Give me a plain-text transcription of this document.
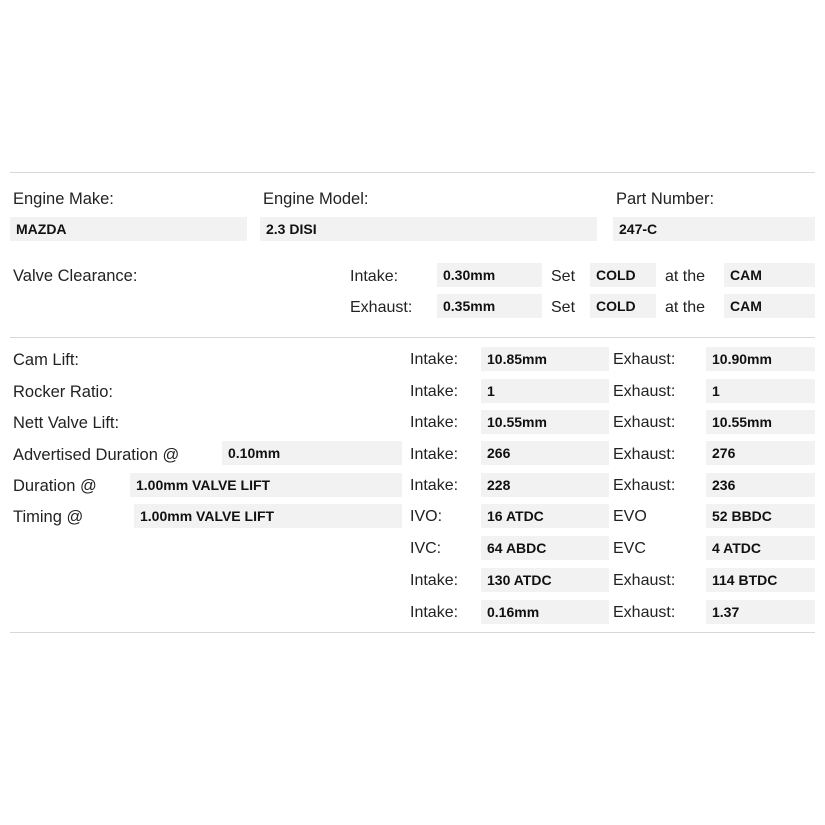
Engine Make:
MAZDA
Engine Model:
2.3 DISI
Part Number:
247-C
Valve Clearance:	Intake:	0.30mm	Set	COLD	at the	CAM
Exhaust:	0.35mm	Set	COLD	at the	CAM
Cam Lift:	Intake:	10.85mm	Exhaust:	10.90mm
Rocker Ratio:	Intake:	1	Exhaust:	1
Nett Valve Lift:	Intake:	10.55mm	Exhaust:	10.55mm
Advertised Duration @	0.10mm	Intake:	266	Exhaust:	276
Duration @	1.00mm VALVE LIFT	Intake:	228	Exhaust:	236
Timing @	1.00mm VALVE LIFT	IVO:	16 ATDC	EVO	52 BBDC
IVC:	64 ABDC	EVC	4 ATDC
Intake:	130 ATDC	Exhaust:	114 BTDC
Intake:	0.16mm	Exhaust:	1.37
